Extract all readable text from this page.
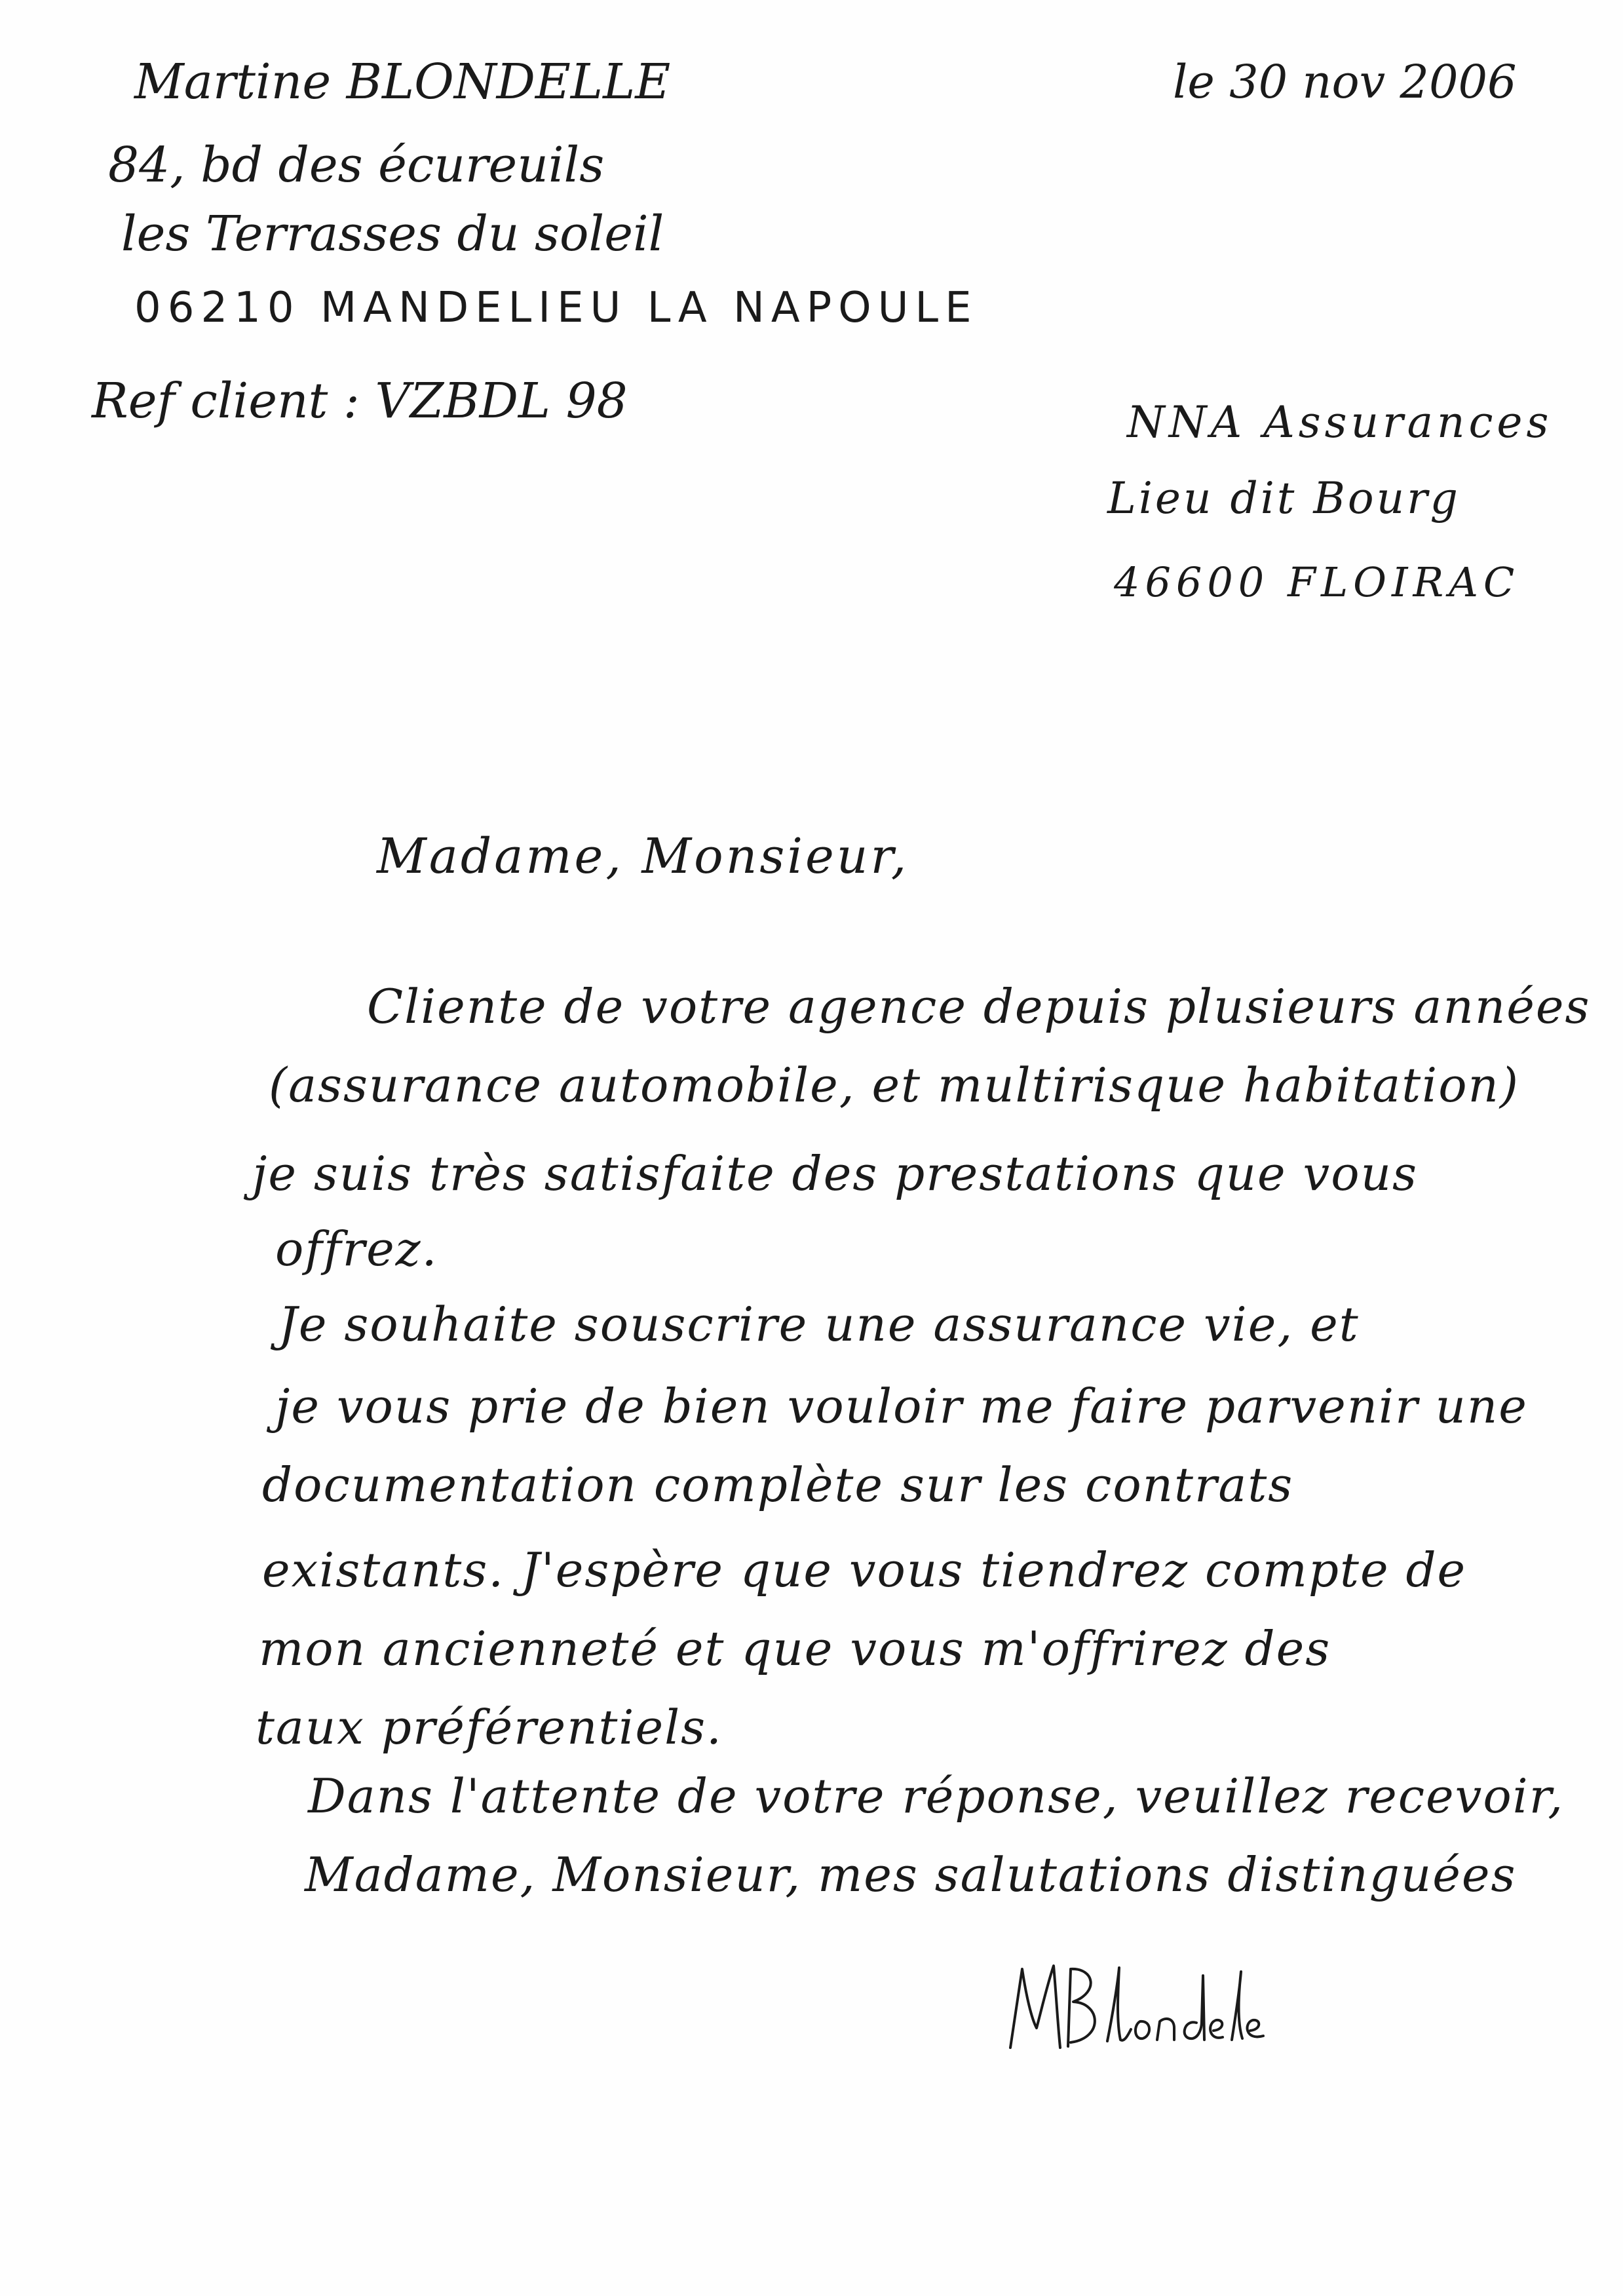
Martine BLONDELLE
84, bd des écureuils
les Terrasses du soleil
06210 MANDELIEU LA NAPOULE
Ref client : VZBDL 98
le 30 nov 2006
NNA Assurances
Lieu dit Bourg
46600 FLOIRAC
Madame, Monsieur,
Cliente de votre agence depuis plusieurs années
(assurance automobile, et multirisque habitation)
je suis très satisfaite des prestations que vous
offrez.
Je souhaite souscrire une assurance vie, et
je vous prie de bien vouloir me faire parvenir une
documentation complète sur les contrats
existants. J'espère que vous tiendrez compte de
mon ancienneté et que vous m'offrirez des
taux préférentiels.
Dans l'attente de votre réponse, veuillez recevoir,
Madame, Monsieur, mes salutations distinguées
